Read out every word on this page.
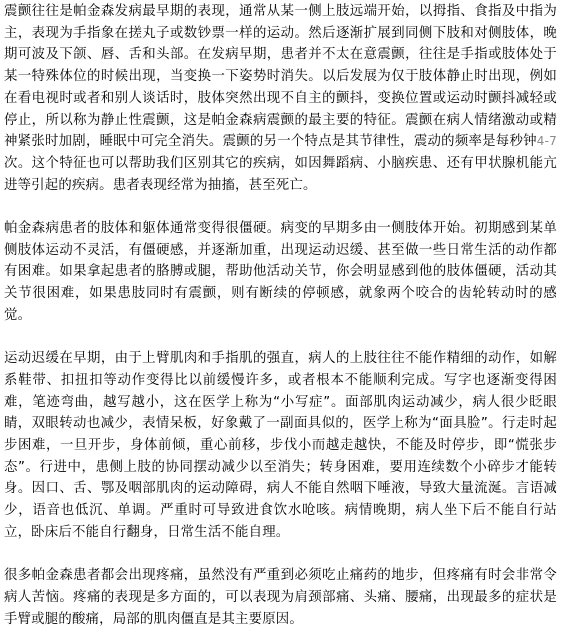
震颤往往是帕金森发病最早期的表现，通常从某一侧上肢远端开始，以拇指、食指及中指为主，表现为手指象在搓丸子或数钞票一样的运动。然后逐渐扩展到同侧下肢和对侧肢体，晚期可波及下颌、唇、舌和头部。在发病早期，患者并不太在意震颤，往往是手指或肢体处于某一特殊体位的时候出现，当变换一下姿势时消失。以后发展为仅于肢体静止时出现，例如在看电视时或者和别人谈话时，肢体突然出现不自主的颤抖，变换位置或运动时颤抖减轻或停止，所以称为静止性震颤，这是帕金森病震颤的最主要的特征。震颤在病人情绪激动或精神紧张时加剧，睡眠中可完全消失。震颤的另一个特点是其节律性，震动的频率是每秒钟4-7次。这个特征也可以帮助我们区别其它的疾病，如因舞蹈病、小脑疾患、还有甲状腺机能亢进等引起的疾病。患者表现经常为抽搐，甚至死亡。

帕金森病患者的肢体和躯体通常变得很僵硬。病变的早期多由一侧肢体开始。初期感到某单侧肢体运动不灵活，有僵硬感，并逐渐加重，出现运动迟缓、甚至做一些日常生活的动作都有困难。如果拿起患者的胳膊或腿，帮助他活动关节，你会明显感到他的肢体僵硬，活动其关节很困难，如果患肢同时有震颤，则有断续的停顿感，就象两个咬合的齿轮转动时的感觉。

运动迟缓在早期，由于上臂肌肉和手指肌的强直，病人的上肢往往不能作精细的动作，如解系鞋带、扣扭扣等动作变得比以前缓慢许多，或者根本不能顺利完成。写字也逐渐变得困难，笔迹弯曲，越写越小，这在医学上称为“小写症”。面部肌肉运动减少，病人很少眨眼睛，双眼转动也减少，表情呆板，好象戴了一副面具似的，医学上称为“面具脸”。行走时起步困难，一旦开步，身体前倾，重心前移，步伐小而越走越快，不能及时停步，即“慌张步态”。行进中，患侧上肢的协同摆动减少以至消失；转身困难，要用连续数个小碎步才能转身。因口、舌、鄂及咽部肌肉的运动障碍，病人不能自然咽下唾液，导致大量流涎。言语减少，语音也低沉、单调。严重时可导致进食饮水呛咳。病情晚期，病人坐下后不能自行站立，卧床后不能自行翻身，日常生活不能自理。

很多帕金森患者都会出现疼痛，虽然没有严重到必须吃止痛药的地步，但疼痛有时会非常令病人苦恼。疼痛的表现是多方面的，可以表现为肩颈部痛、头痛、腰痛，出现最多的症状是手臂或腿的酸痛，局部的肌肉僵直是其主要原因。
